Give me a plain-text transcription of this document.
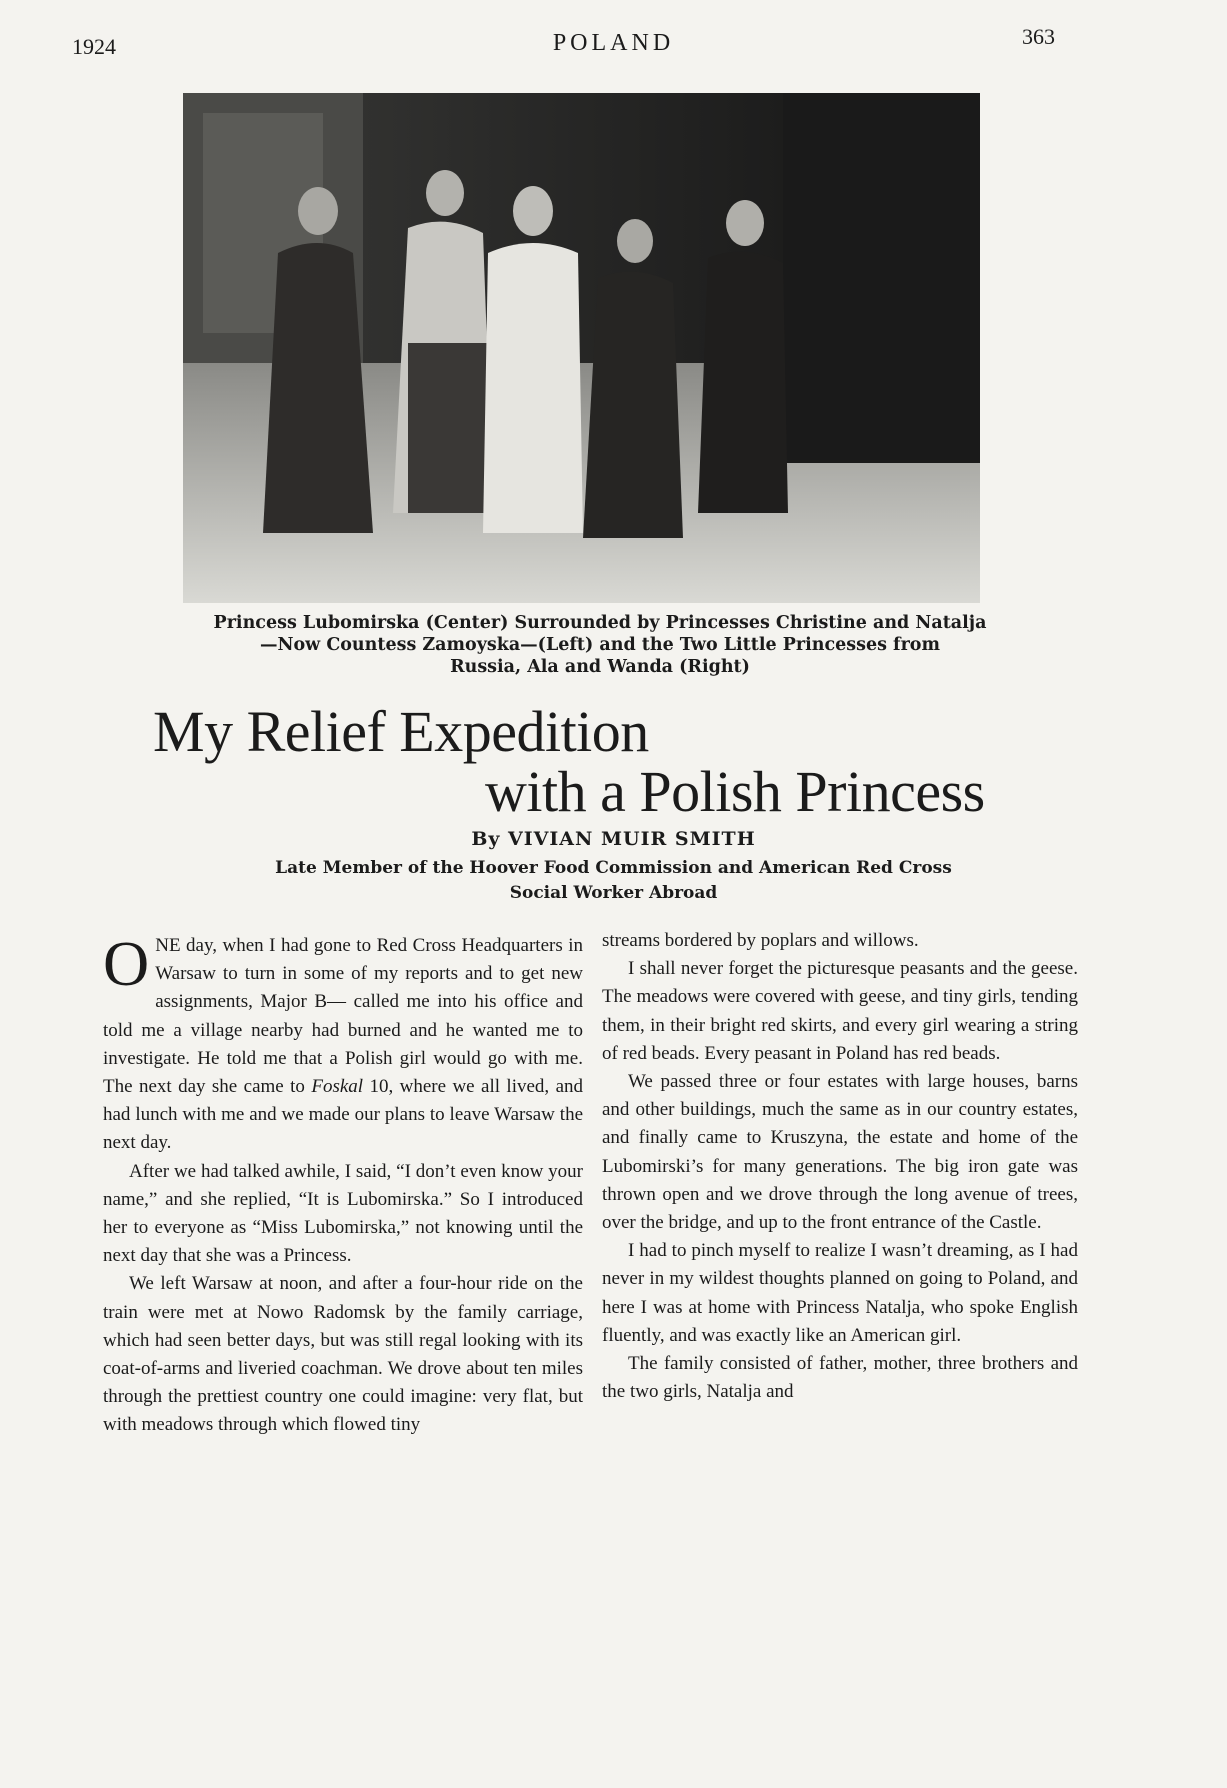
1924	POLAND	363
Princess Lubomirska (Center) Surrounded by Princesses Christine and Natalja
—Now Countess Zamoyska—(Left) and the Two Little Princesses from
Russia, Ala and Wanda (Right)
My Relief Expedition
with a Polish Princess
By VIVIAN MUIR SMITH
Late Member of the Hoover Food Commission and American Red Cross
Social Worker Abroad

ONE day, when I had gone to Red Cross Headquarters in Warsaw to turn in some of my reports and to get new assignments, Major B— called me into his office and told me a village nearby had burned and he wanted me to investigate. He told me that a Polish girl would go with me. The next day she came to Foskal 10, where we all lived, and had lunch with me and we made our plans to leave Warsaw the next day.

After we had talked awhile, I said, “I don’t even know your name,” and she replied, “It is Lubomirska.” So I introduced her to everyone as “Miss Lubomirska,” not knowing until the next day that she was a Princess.

We left Warsaw at noon, and after a four-hour ride on the train were met at Nowo Radomsk by the family carriage, which had seen better days, but was still regal looking with its coat-of-arms and liveried coachman. We drove about ten miles through the prettiest country one could imagine: very flat, but with meadows through which flowed tiny

streams bordered by poplars and willows.

I shall never forget the picturesque peasants and the geese. The meadows were covered with geese, and tiny girls, tending them, in their bright red skirts, and every girl wearing a string of red beads. Every peasant in Poland has red beads.

We passed three or four estates with large houses, barns and other buildings, much the same as in our country estates, and finally came to Kruszyna, the estate and home of the Lubomirski’s for many generations. The big iron gate was thrown open and we drove through the long avenue of trees, over the bridge, and up to the front entrance of the Castle.

I had to pinch myself to realize I wasn’t dreaming, as I had never in my wildest thoughts planned on going to Poland, and here I was at home with Princess Natalja, who spoke English fluently, and was exactly like an American girl.

The family consisted of father, mother, three brothers and the two girls, Natalja and
